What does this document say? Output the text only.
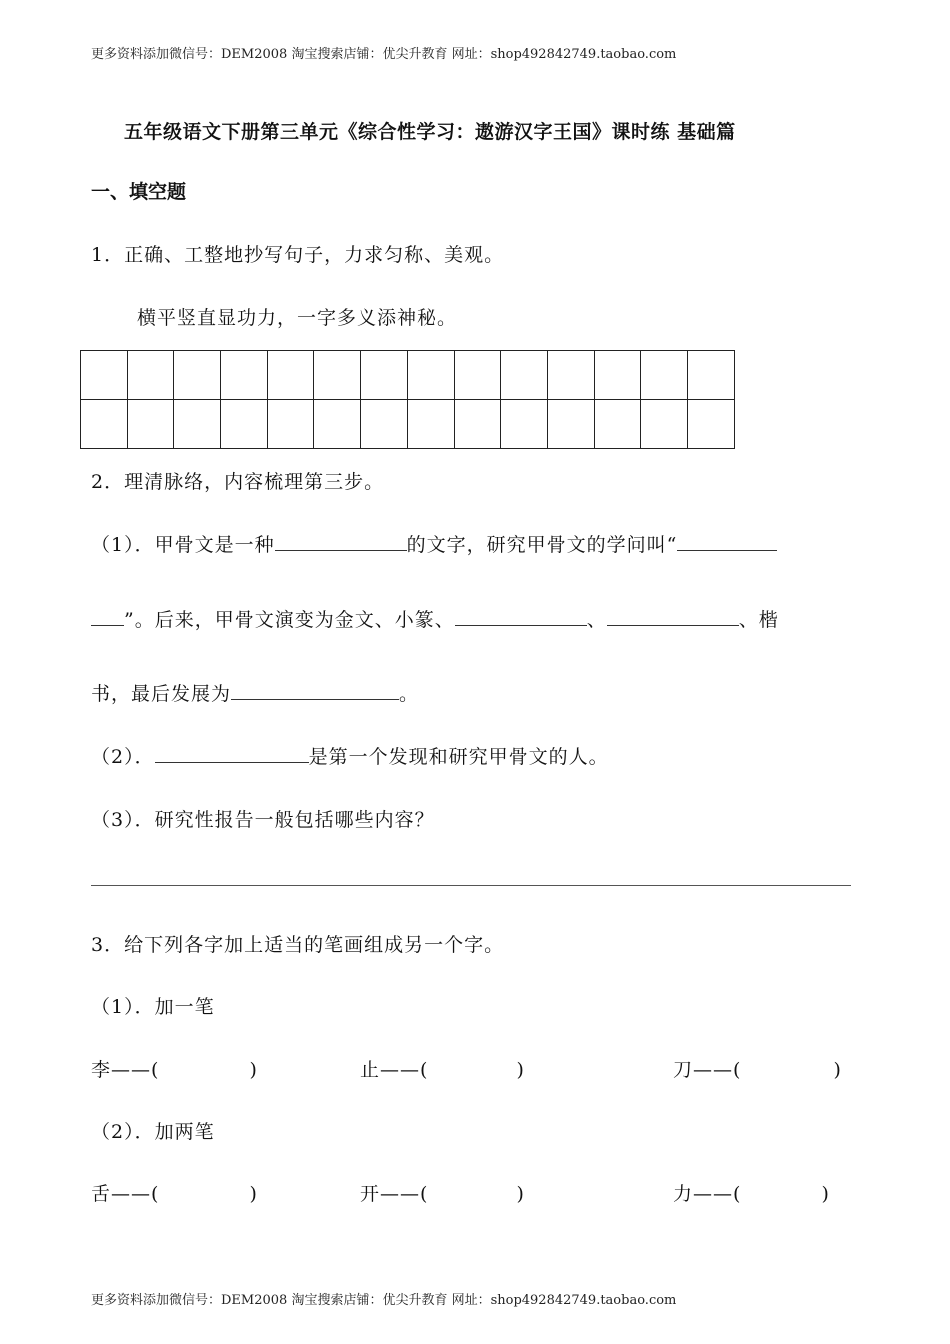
更多资料添加微信号：DEM2008 淘宝搜索店铺：优尖升教育 网址：shop492842749.taobao.com
五年级语文下册第三单元《综合性学习：遨游汉字王国》课时练 基础篇
一、填空题
1．正确、工整地抄写句子，力求匀称、美观。
横平竖直显功力，一字多义添神秘。

2．理清脉络，内容梳理第三步。
（1）．甲骨文是一种	的文字，研究甲骨文的学问叫“
”。后来，甲骨文演变为金文、小篆、	、	、楷
书，最后发展为	。
（2）．	是第一个发现和研究甲骨文的人。
（3）．研究性报告一般包括哪些内容？
3．给下列各字加上适当的笔画组成另一个字。
（1）．加一笔
李——(	)	止——(	)	刀——(	)
（2）．加两笔
舌——(	)	开——(	)	力——(	)
更多资料添加微信号：DEM2008 淘宝搜索店铺：优尖升教育 网址：shop492842749.taobao.com
